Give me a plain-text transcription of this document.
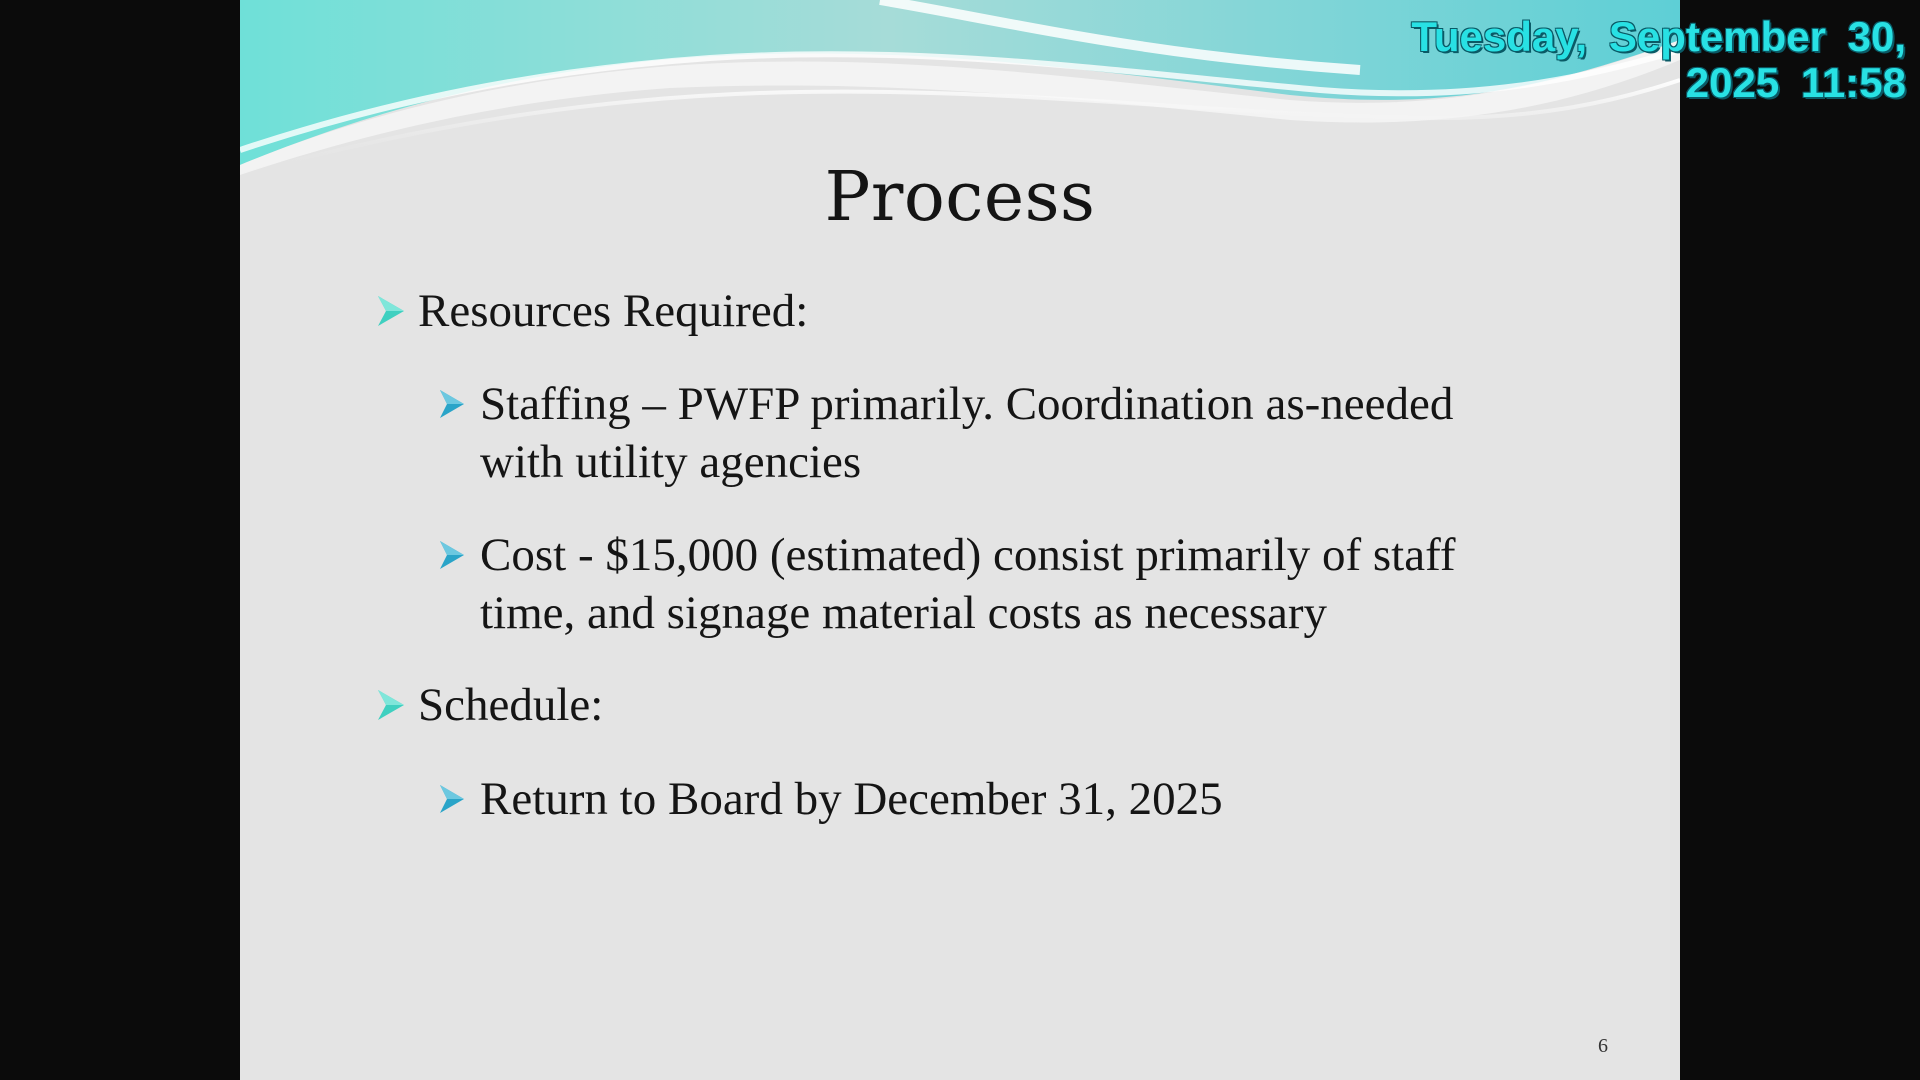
Process
Resources Required:
Staffing – PWFP primarily. Coordination as-needed with utility agencies
Cost - $15,000 (estimated) consist primarily of staff time, and signage material costs as necessary
Schedule:
Return to Board by December 31, 2025
6
Tuesday, September 30,
2025 11:58
